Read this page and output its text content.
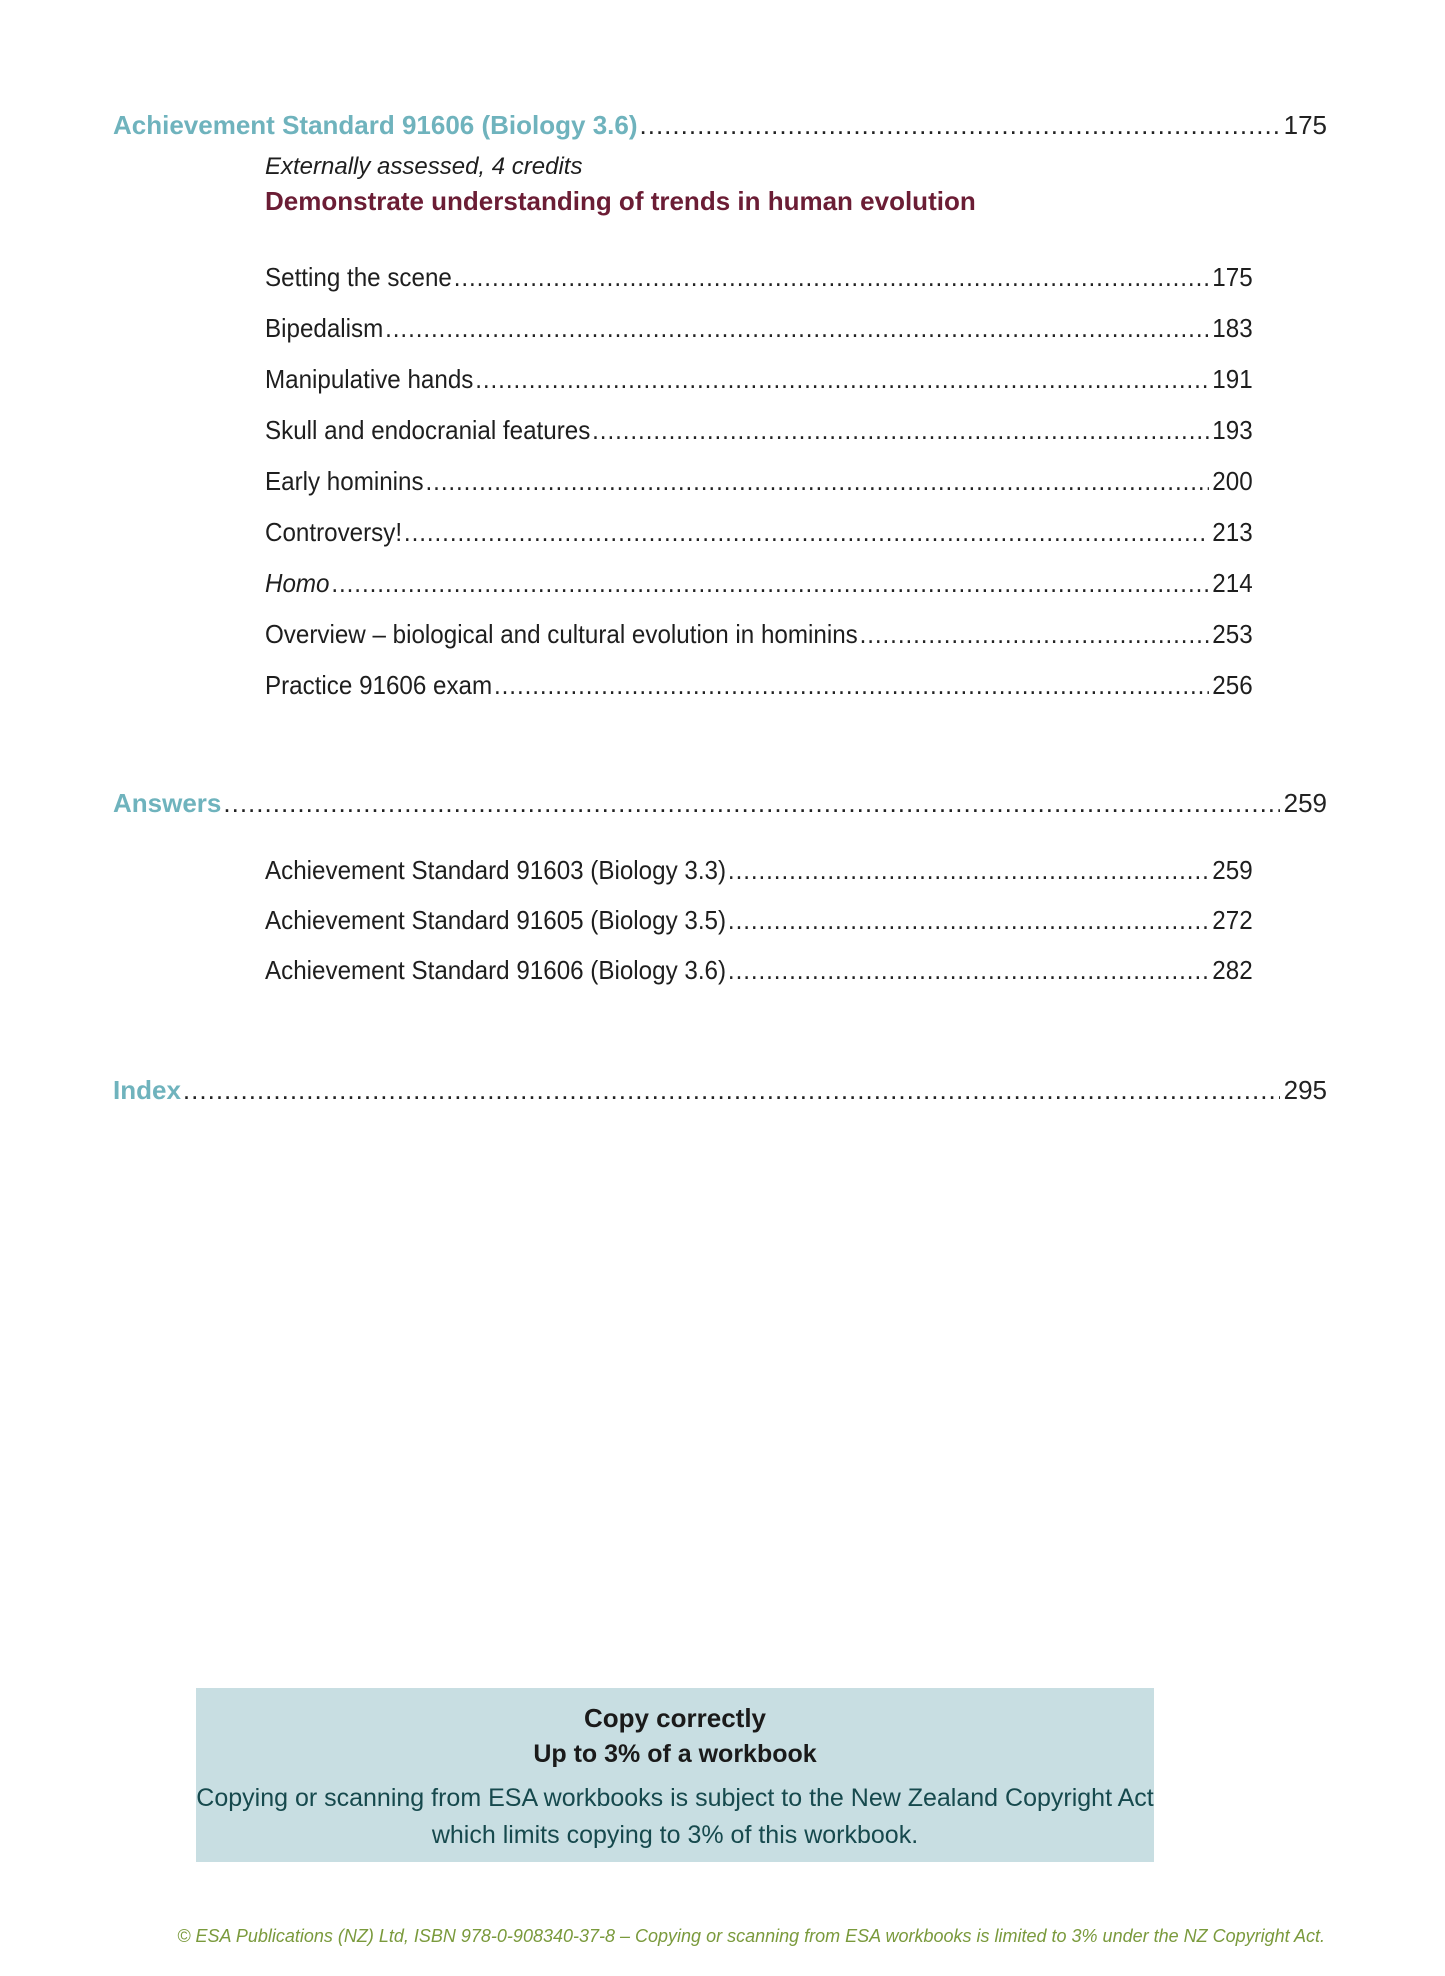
Achievement Standard 91606 (Biology 3.6) .....	175
Externally assessed, 4 credits
Demonstrate understanding of trends in human evolution
Setting the scene .....	175
Bipedalism .....	183
Manipulative hands .....	191
Skull and endocranial features .....	193
Early hominins .....	200
Controversy! .....	213
Homo .....	214
Overview – biological and cultural evolution in hominins .....	253
Practice 91606 exam .....	256
Answers .....	259
Achievement Standard 91603 (Biology 3.3) .....	259
Achievement Standard 91605 (Biology 3.5) .....	272
Achievement Standard 91606 (Biology 3.6) .....	282
Index .....	295
Copy correctly
Up to 3% of a workbook
Copying or scanning from ESA workbooks is subject to the New Zealand Copyright Act
which limits copying to 3% of this workbook.
© ESA Publications (NZ) Ltd, ISBN 978-0-908340-37-8 – Copying or scanning from ESA workbooks is limited to 3% under the NZ Copyright Act.
